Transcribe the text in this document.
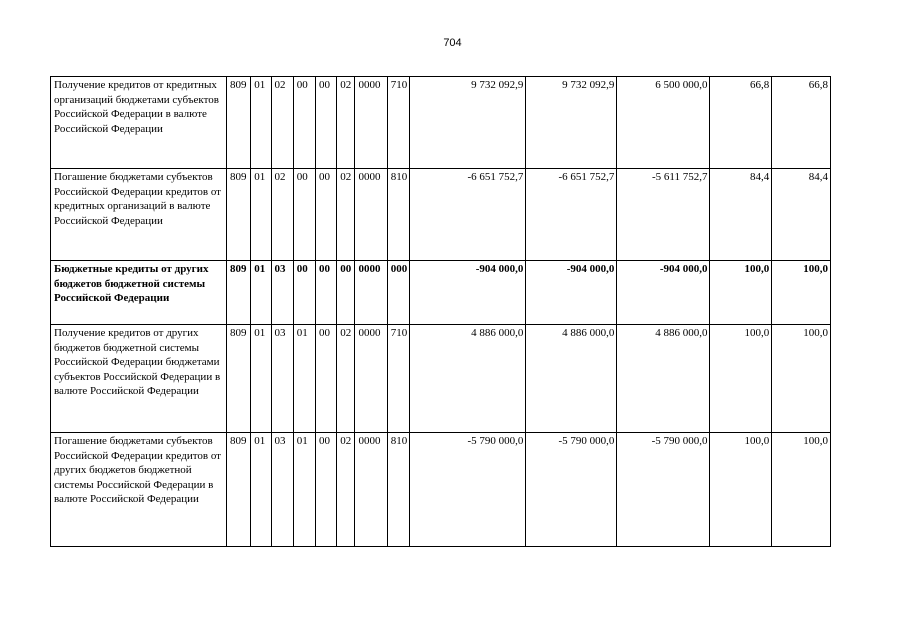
704
Получение кредитов от кредитных организаций бюджетами субъектов Российской Федерации в валюте Российской Федерации	809	01	02	00	00	02	0000	710	9 732 092,9	9 732 092,9	6 500 000,0	66,8	66,8
Погашение бюджетами субъектов Российской Федерации кредитов от кредитных организаций в валюте Российской Федерации	809	01	02	00	00	02	0000	810	-6 651 752,7	-6 651 752,7	-5 611 752,7	84,4	84,4
Бюджетные кредиты от других бюджетов бюджетной системы Российской Федерации	809	01	03	00	00	00	0000	000	-904 000,0	-904 000,0	-904 000,0	100,0	100,0
Получение кредитов от других бюджетов бюджетной системы Российской Федерации бюджетами субъектов Российской Федерации в валюте Российской Федерации	809	01	03	01	00	02	0000	710	4 886 000,0	4 886 000,0	4 886 000,0	100,0	100,0
Погашение бюджетами субъектов Российской Федерации кредитов от других бюджетов бюджетной системы Российской Федерации в валюте Российской Федерации	809	01	03	01	00	02	0000	810	-5 790 000,0	-5 790 000,0	-5 790 000,0	100,0	100,0
